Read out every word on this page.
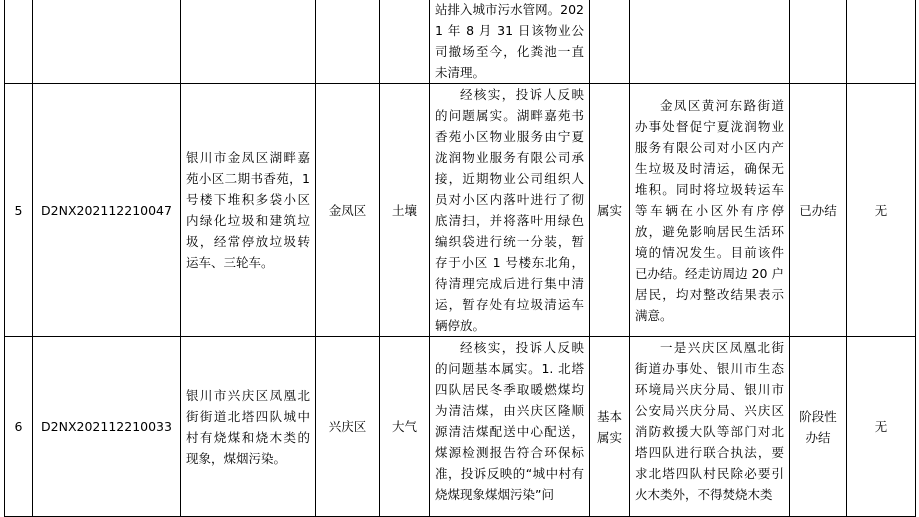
					站排入城市污水管网。2021 年 8 月 31 日该物业公司撤场至今，化粪池一直未清理。				
5	D2NX202112210047	银川市金凤区湖畔嘉苑小区二期书香苑，1 号楼下堆积多袋小区内绿化垃圾和建筑垃圾，经常停放垃圾转运车、三轮车。	金凤区	土壤	经核实，投诉人反映的问题属实。湖畔嘉苑书香苑小区物业服务由宁夏泷润物业服务有限公司承接，近期物业公司组织人员对小区内落叶进行了彻底清扫，并将落叶用绿色编织袋进行统一分装，暂存于小区 1 号楼东北角，待清理完成后进行集中清运，暂存处有垃圾清运车辆停放。	属实	金凤区黄河东路街道办事处督促宁夏泷润物业服务有限公司对小区内产生垃圾及时清运，确保无堆积。同时将垃圾转运车等车辆在小区外有序停放，避免影响居民生活环境的情况发生。目前该件已办结。经走访周边 20 户居民，均对整改结果表示满意。	已办结	无
6	D2NX202112210033	银川市兴庆区凤凰北街街道北塔四队城中村有烧煤和烧木类的现象，煤烟污染。	兴庆区	大气	经核实，投诉人反映的问题基本属实。1. 北塔四队居民冬季取暖燃煤均为清洁煤，由兴庆区隆顺源清洁煤配送中心配送，煤源检测报告符合环保标准，投诉反映的“城中村有烧煤现象煤烟污染”问	基本属实	一是兴庆区凤凰北街街道办事处、银川市生态环境局兴庆分局、银川市公安局兴庆分局、兴庆区消防救援大队等部门对北塔四队进行联合执法，要求北塔四队村民除必要引火木类外，不得焚烧木类	阶段性办结	无
